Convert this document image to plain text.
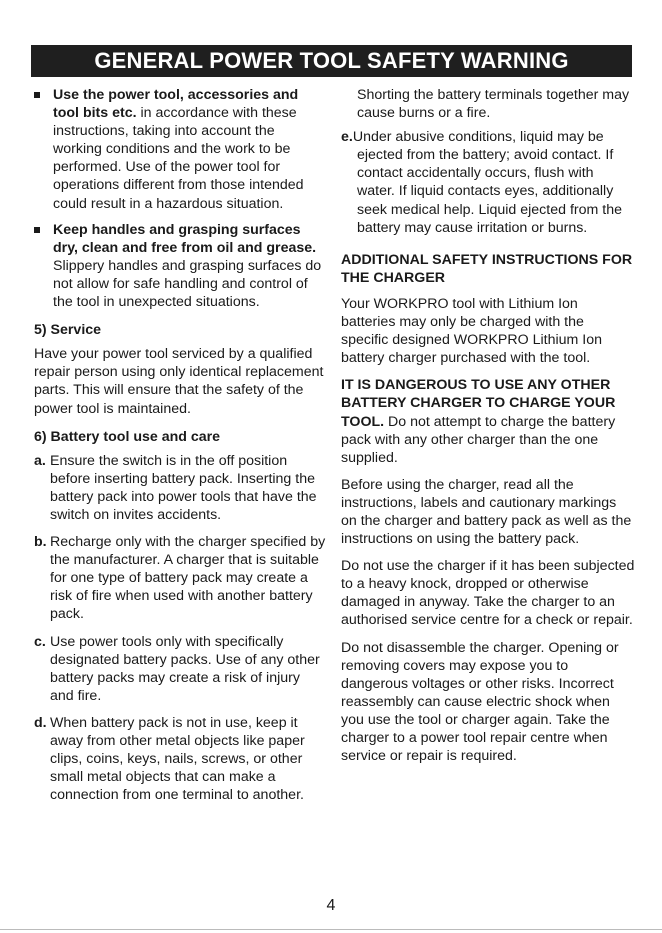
GENERAL POWER TOOL SAFETY WARNING

Use the power tool, accessories and tool bits etc. in accordance with these instructions, taking into account the working conditions and the work to be performed. Use of the power tool for operations different from those intended could result in a hazardous situation.

Keep handles and grasping surfaces dry, clean and free from oil and grease. Slippery handles and grasping surfaces do not allow for safe handling and control of the tool in unexpected situations.

5) Service

Have your power tool serviced by a qualified repair person using only identical replacement parts. This will ensure that the safety of the power tool is maintained.

6) Battery tool use and care

a. Ensure the switch is in the off position before inserting battery pack. Inserting the battery pack into power tools that have the switch on invites accidents.

b. Recharge only with the charger specified by the manufacturer. A charger that is suitable for one type of battery pack may create a risk of fire when used with another battery pack.

c. Use power tools only with specifically designated battery packs. Use of any other battery packs may create a risk of injury and fire.

d. When battery pack is not in use, keep it away from other metal objects like paper clips, coins, keys, nails, screws, or other small metal objects that can make a connection from one terminal to another.

Shorting the battery terminals together may cause burns or a fire.

e.Under abusive conditions, liquid may be ejected from the battery; avoid contact. If contact accidentally occurs, flush with water. If liquid contacts eyes, additionally seek medical help. Liquid ejected from the battery may cause irritation or burns.

ADDITIONAL SAFETY INSTRUCTIONS FOR THE CHARGER

Your WORKPRO tool with Lithium Ion batteries may only be charged with the specific designed WORKPRO Lithium Ion battery charger purchased with the tool.

IT IS DANGEROUS TO USE ANY OTHER BATTERY CHARGER TO CHARGE YOUR TOOL. Do not attempt to charge the battery pack with any other charger than the one supplied.

Before using the charger, read all the instructions, labels and cautionary markings on the charger and battery pack as well as the instructions on using the battery pack.

Do not use the charger if it has been subjected to a heavy knock, dropped or otherwise damaged in anyway. Take the charger to an authorised service centre for a check or repair.

Do not disassemble the charger. Opening or removing covers may expose you to dangerous voltages or other risks. Incorrect reassembly can cause electric shock when you use the tool or charger again. Take the charger to a power tool repair centre when service or repair is required.

4
